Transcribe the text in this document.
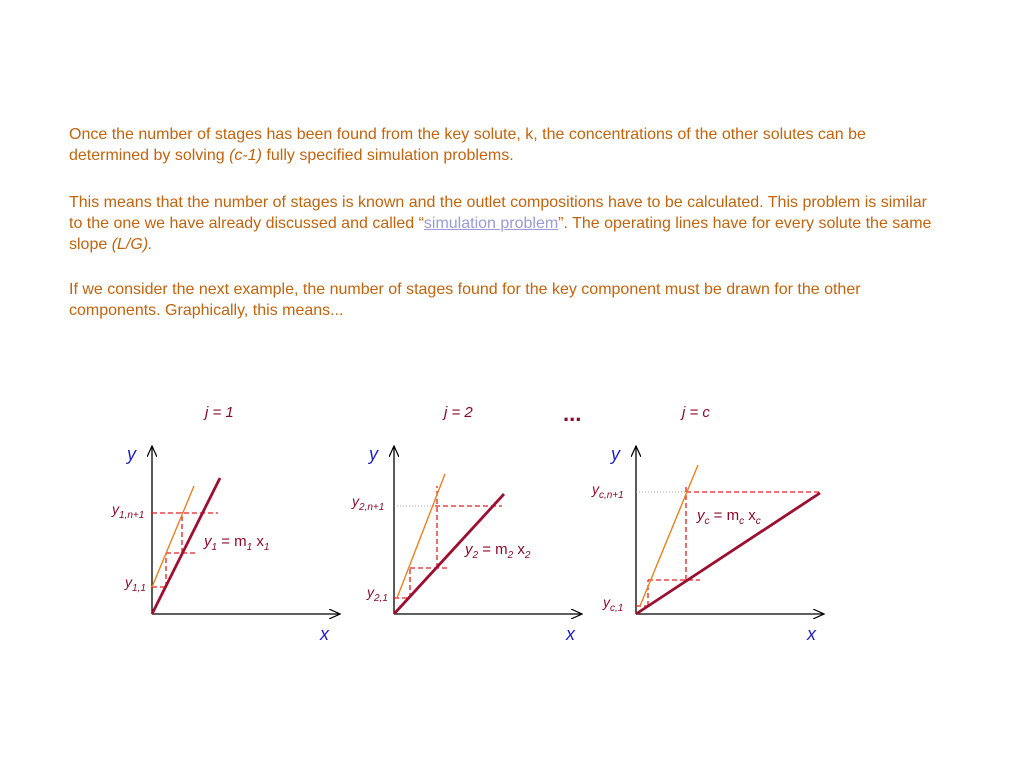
Once the number of stages has been found from the key solute, k, the concentrations of the other solutes can be determined by solving (c-1) fully specified simulation problems.

This means that the number of stages is known and the outlet compositions have to be calculated. This problem is similar to the one we have already discussed and called “simulation problem”. The operating lines have for every solute the same slope (L/G).

If we consider the next example, the number of stages found for the key component must be drawn for the other components. Graphically, this means...

j = 1
y
x
$y_{1,n+1}$
$y_{1,1}$
$y_1 = m_1$ $x_1$
j = 2
y
x
$y_{2,n+1}$
$y_{2,1}$
$y_2 = m_2$ $x_2$
...	j = c
y
x
$y_{c,n+1}$
$y_{c,1}$
$y_c = m_c$ $x_c$
